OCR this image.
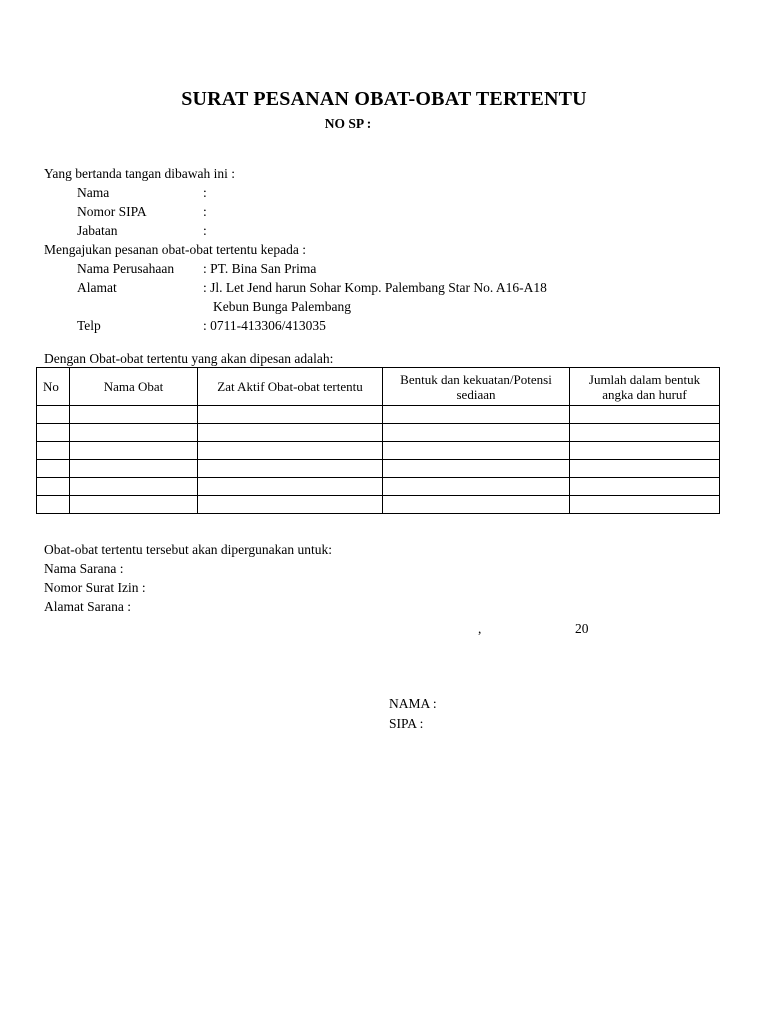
SURAT PESANAN OBAT-OBAT TERTENTU
NO SP :
Yang bertanda tangan dibawah ini :
Nama	:
Nomor SIPA	:
Jabatan	:
Mengajukan pesanan obat-obat tertentu kepada :
Nama Perusahaan : PT. Bina San Prima
Alamat	: Jl. Let Jend harun Sohar Komp. Palembang Star No. A16-A18
Kebun Bunga Palembang
Telp	: 0711-413306/413035
Dengan Obat-obat tertentu yang akan dipesan adalah:
No	Nama Obat	Zat Aktif Obat-obat tertentu	Bentuk dan kekuatan/Potensi sediaan	Jumlah dalam bentuk angka dan huruf

Obat-obat tertentu tersebut akan dipergunakan untuk:
Nama Sarana :
Nomor Surat Izin :
Alamat Sarana :
,	20
NAMA :
SIPA :
